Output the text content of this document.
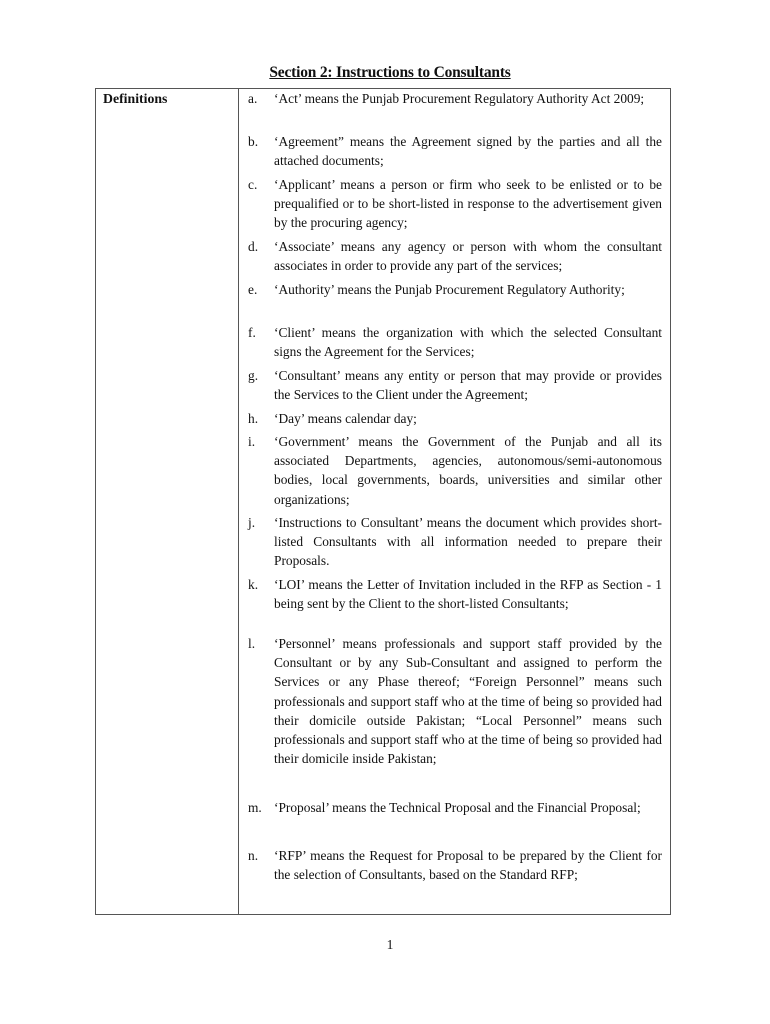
Section 2: Instructions to Consultants
Definitions	a.	‘Act’ means the Punjab Procurement Regulatory Authority Act 2009;
b.	‘Agreement” means the Agreement signed by the parties and all the attached documents;
c.	‘Applicant’ means a person or firm who seek to be enlisted or to be prequalified or to be short-listed in response to the advertisement given by the procuring agency;
d.	‘Associate’ means any agency or person with whom the consultant associates in order to provide any part of the services;
e.	‘Authority’ means the Punjab Procurement Regulatory Authority;
f.	‘Client’ means the organization with which the selected Consultant signs the Agreement for the Services;
g.	‘Consultant’ means any entity or person that may provide or provides the Services to the Client under the Agreement;
h.	‘Day’ means calendar day;
i.	‘Government’ means the Government of the Punjab and all its associated Departments, agencies, autonomous/semi-autonomous bodies, local governments, boards, universities and similar other organizations;
j.	‘Instructions to Consultant’ means the document which provides short-listed Consultants with all information needed to prepare their Proposals.
k.	‘LOI’ means the Letter of Invitation included in the RFP as Section - 1 being sent by the Client to the short-listed Consultants;
l.	‘Personnel’ means professionals and support staff provided by the Consultant or by any Sub-Consultant and assigned to perform the Services or any Phase thereof; “Foreign Personnel” means such professionals and support staff who at the time of being so provided had their domicile outside Pakistan; “Local Personnel” means such professionals and support staff who at the time of being so provided had their domicile inside Pakistan;
m. ‘Proposal’ means the Technical Proposal and the Financial Proposal;
n.	‘RFP’ means the Request for Proposal to be prepared by the Client for the selection of Consultants, based on the Standard RFP;
1
